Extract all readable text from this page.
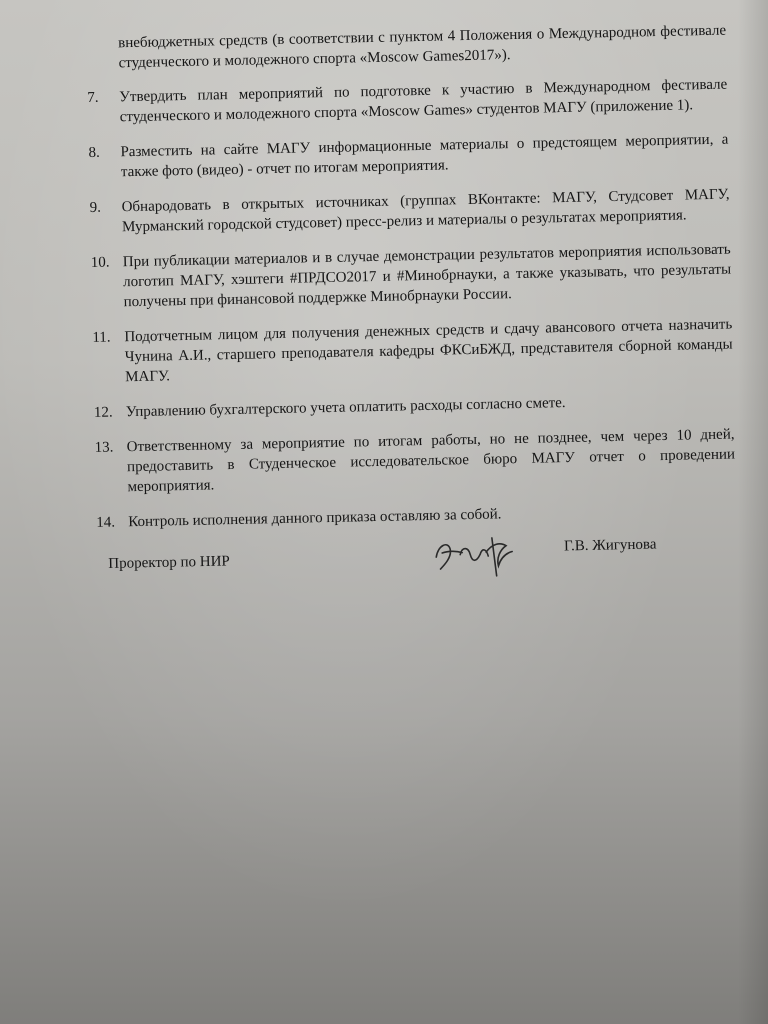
внебюджетных средств (в соответствии с пунктом 4 Положения о Международном фестивале студенческого и молодежного спорта «Moscow Games2017»).

7.	Утвердить план мероприятий по подготовке к участию в Международном фестивале студенческого и молодежного спорта «Moscow Games» студентов МАГУ (приложение 1).
8.	Разместить на сайте МАГУ информационные материалы о предстоящем мероприятии, а также фото (видео) - отчет по итогам мероприятия.
9.	Обнародовать в открытых источниках (группах ВКонтакте: МАГУ, Студсовет МАГУ, Мурманский городской студсовет) пресс-релиз и материалы о результатах мероприятия.
10. При публикации материалов и в случае демонстрации результатов мероприятия использовать логотип МАГУ, хэштеги #ПРДСО2017 и #Минобрнауки, а также указывать, что результаты получены при финансовой поддержке Минобрнауки России.
11. Подотчетным лицом для получения денежных средств и сдачу авансового отчета назначить Чунина А.И., старшего преподавателя кафедры ФКСиБЖД, представителя сборной команды МАГУ.
12. Управлению бухгалтерского учета оплатить расходы согласно смете.
13. Ответственному за мероприятие по итогам работы, но не позднее, чем через 10 дней, предоставить в Студенческое исследовательское бюро МАГУ отчет о проведении мероприятия.
14. Контроль исполнения данного приказа оставляю за собой.
Проректор по НИР
Г.В. Жигунова
